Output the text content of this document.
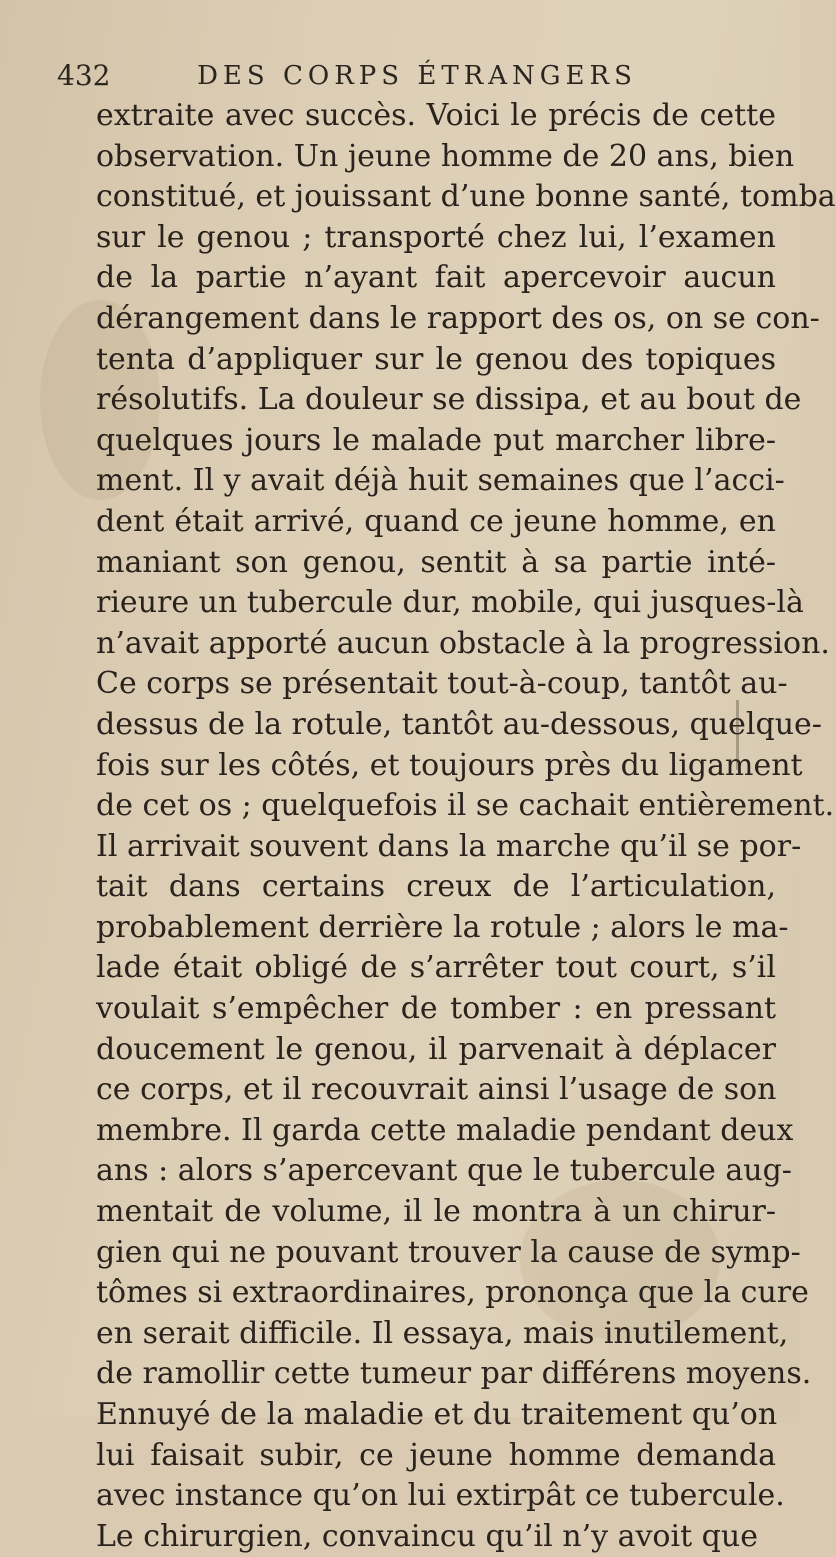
432	DES CORPS ÉTRANGERS
extraite avec succès. Voici le précis de cette
observation. Un jeune homme de 20 ans, bien
constitué, et jouissant d’une bonne santé, tomba
sur le genou ; transporté chez lui, l’examen
de la partie n’ayant fait apercevoir aucun
dérangement dans le rapport des os, on se con-
tenta d’appliquer sur le genou des topiques
résolutifs. La douleur se dissipa, et au bout de
quelques jours le malade put marcher libre-
ment. Il y avait déjà huit semaines que l’acci-
dent était arrivé, quand ce jeune homme, en
maniant son genou, sentit à sa partie inté-
rieure un tubercule dur, mobile, qui jusques-là
n’avait apporté aucun obstacle à la progression.
Ce corps se présentait tout-à-coup, tantôt au-
dessus de la rotule, tantôt au-dessous, quelque-
fois sur les côtés, et toujours près du ligament
de cet os ; quelquefois il se cachait entièrement.
Il arrivait souvent dans la marche qu’il se por-
tait dans certains creux de l’articulation,
probablement derrière la rotule ; alors le ma-
lade était obligé de s’arrêter tout court, s’il
voulait s’empêcher de tomber : en pressant
doucement le genou, il parvenait à déplacer
ce corps, et il recouvrait ainsi l’usage de son
membre. Il garda cette maladie pendant deux
ans : alors s’apercevant que le tubercule aug-
mentait de volume, il le montra à un chirur-
gien qui ne pouvant trouver la cause de symp-
tômes si extraordinaires, prononça que la cure
en serait difficile. Il essaya, mais inutilement,
de ramollir cette tumeur par différens moyens.
Ennuyé de la maladie et du traitement qu’on
lui faisait subir, ce jeune homme demanda
avec instance qu’on lui extirpât ce tubercule.
Le chirurgien, convaincu qu’il n’y avoit que
